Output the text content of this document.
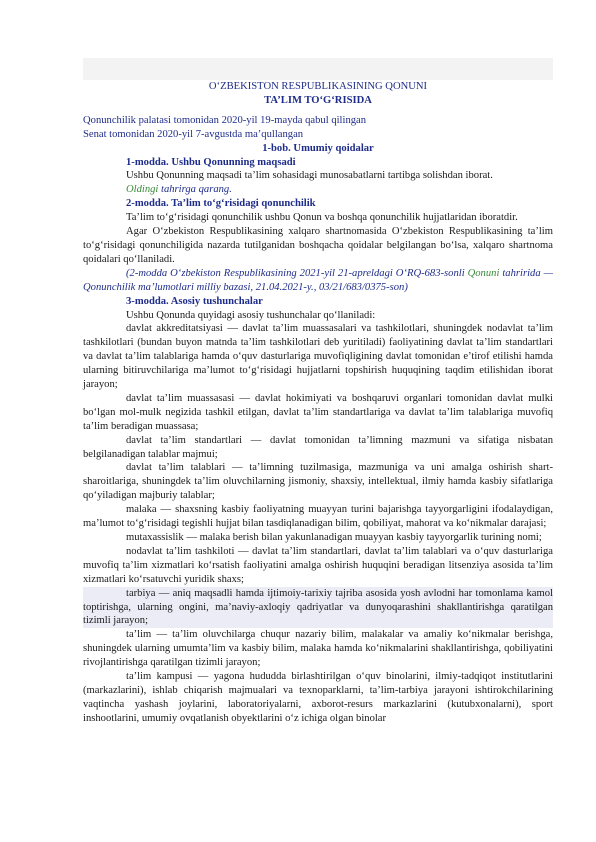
O‘ZBEKISTON RESPUBLIKASINING QONUNI

TA’LIM TO‘G‘RISIDA

Qonunchilik palatasi tomonidan 2020-yil 19-mayda qabul qilingan

Senat tomonidan 2020-yil 7-avgustda ma’qullangan

1-bob. Umumiy qoidalar

1-modda. Ushbu Qonunning maqsadi

Ushbu Qonunning maqsadi ta’lim sohasidagi munosabatlarni tartibga solishdan iborat.

Oldingi tahrirga qarang.

2-modda. Ta’lim to‘g‘risidagi qonunchilik

Ta’lim to‘g‘risidagi qonunchilik ushbu Qonun va boshqa qonunchilik hujjatlaridan iboratdir.

Agar O‘zbekiston Respublikasining xalqaro shartnomasida O‘zbekiston Respublikasining ta’lim to‘g‘risidagi qonunchiligida nazarda tutilganidan boshqacha qoidalar belgilangan bo‘lsa, xalqaro shartnoma qoidalari qo‘llaniladi.

(2-modda O‘zbekiston Respublikasining 2021-yil 21-apreldagi O‘RQ-683-sonli Qonuni tahririda — Qonunchilik ma’lumotlari milliy bazasi, 21.04.2021-y., 03/21/683/0375-son)

3-modda. Asosiy tushunchalar

Ushbu Qonunda quyidagi asosiy tushunchalar qo‘llaniladi:

davlat akkreditatsiyasi — davlat ta’lim muassasalari va tashkilotlari, shuningdek nodavlat ta’lim tashkilotlari (bundan buyon matnda ta’lim tashkilotlari deb yuritiladi) faoliyatining davlat ta’lim standartlari va davlat ta’lim talablariga hamda o‘quv dasturlariga muvofiqligining davlat tomonidan e’tirof etilishi hamda ularning bitiruvchilariga ma’lumot to‘g‘risidagi hujjatlarni topshirish huquqining taqdim etilishidan iborat jarayon;

davlat ta’lim muassasasi — davlat hokimiyati va boshqaruvi organlari tomonidan davlat mulki bo‘lgan mol-mulk negizida tashkil etilgan, davlat ta’lim standartlariga va davlat ta’lim talablariga muvofiq ta’lim beradigan muassasa;

davlat ta’lim standartlari — davlat tomonidan ta’limning mazmuni va sifatiga nisbatan belgilanadigan talablar majmui;

davlat ta’lim talablari — ta’limning tuzilmasiga, mazmuniga va uni amalga oshirish shart-sharoitlariga, shuningdek ta’lim oluvchilarning jismoniy, shaxsiy, intellektual, ilmiy hamda kasbiy sifatlariga qo‘yiladigan majburiy talablar;

malaka — shaxsning kasbiy faoliyatning muayyan turini bajarishga tayyorgarligini ifodalaydigan, ma’lumot to‘g‘risidagi tegishli hujjat bilan tasdiqlanadigan bilim, qobiliyat, mahorat va ko‘nikmalar darajasi;

mutaxassislik — malaka berish bilan yakunlanadigan muayyan kasbiy tayyorgarlik turining nomi;

nodavlat ta’lim tashkiloti — davlat ta’lim standartlari, davlat ta’lim talablari va o‘quv dasturlariga muvofiq ta’lim xizmatlari ko‘rsatish faoliyatini amalga oshirish huquqini beradigan litsenziya asosida ta’lim xizmatlari ko‘rsatuvchi yuridik shaxs;

tarbiya — aniq maqsadli hamda ijtimoiy-tarixiy tajriba asosida yosh avlodni har tomonlama kamol toptirishga, ularning ongini, ma’naviy-axloqiy qadriyatlar va dunyoqarashini shakllantirishga qaratilgan tizimli jarayon;

ta’lim — ta’lim oluvchilarga chuqur nazariy bilim, malakalar va amaliy ko‘nikmalar berishga, shuningdek ularning umumta’lim va kasbiy bilim, malaka hamda ko‘nikmalarini shakllantirishga, qobiliyatini rivojlantirishga qaratilgan tizimli jarayon;

ta’lim kampusi — yagona hududda birlashtirilgan o‘quv binolarini, ilmiy-tadqiqot institutlarini (markazlarini), ishlab chiqarish majmualari va texnoparklarni, ta’lim-tarbiya jarayoni ishtirokchilarining vaqtincha yashash joylarini, laboratoriyalarni, axborot-resurs markazlarini (kutubxonalarni), sport inshootlarini, umumiy ovqatlanish obyektlarini o‘z ichiga olgan binolar
